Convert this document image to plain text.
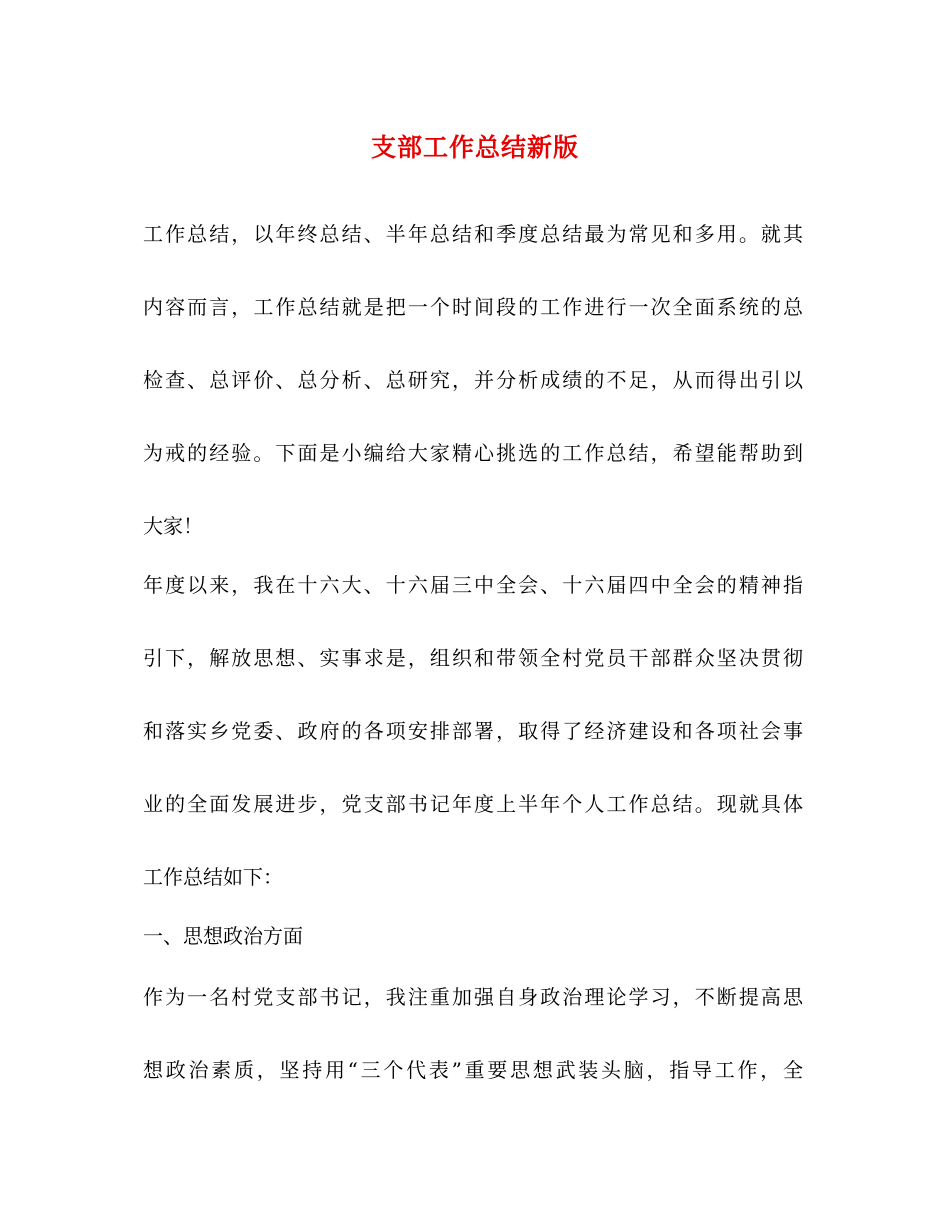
支部工作总结新版
工作总结，以年终总结、半年总结和季度总结最为常见和多用。就其
内容而言，工作总结就是把一个时间段的工作进行一次全面系统的总
检查、总评价、总分析、总研究，并分析成绩的不足，从而得出引以
为戒的经验。下面是小编给大家精心挑选的工作总结，希望能帮助到
大家！
年度以来，我在十六大、十六届三中全会、十六届四中全会的精神指
引下，解放思想、实事求是，组织和带领全村党员干部群众坚决贯彻
和落实乡党委、政府的各项安排部署，取得了经济建设和各项社会事
业的全面发展进步，党支部书记年度上半年个人工作总结。现就具体
工作总结如下：
一、思想政治方面
作为一名村党支部书记，我注重加强自身政治理论学习，不断提高思
想政治素质，坚持用“三个代表”重要思想武装头脑，指导工作，全
